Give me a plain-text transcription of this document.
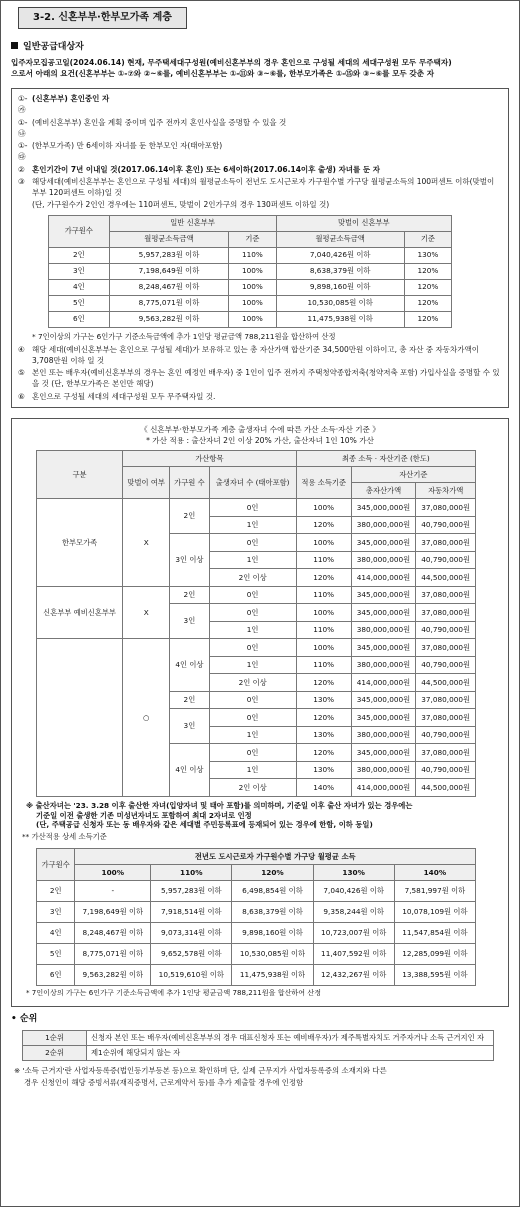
3-2. 신혼부부·한부모가족 계층
일반공급대상자
입주자모집공고일(2024.06.14) 현재, 무주택세대구성원(예비신혼부부의 경우 혼인으로 구성될 세대의 세대구성원 모두 무주택자)
으로서 아래의 요건(신혼부부는 ①-⑦와 ②~⑥를, 예비신혼부부는 ①-⑪와 ③~⑥를, 한부모가족은 ①-⑮와 ③~⑥를 모두 갖춘 자
①-㉮
(신혼부부) 혼인중인 자
①-㉯
(예비신혼부부) 혼인을 계획 중이며 입주 전까지 혼인사실을 증명할 수 있을 것
①-㉰
(한부모가족) 만 6세이하 자녀를 둔 한부모인 자(태아포함)
② 혼인기간이 7년 이내일 것(2017.06.14이후 혼인) 또는 6세이하(2017.06.14이후 출생) 자녀를 둔 자
③ 해당세대(예비신혼부부는 혼인으로 구성될 세대)의 월평균소득이 전년도 도시근로자 가구원수별 가구당 월평균소득의 100퍼센트 이하(맞벌이 부부 120퍼센트 이하)일 것
(단, 가구원수가 2인인 경우에는 110퍼센트, 맞벌이 2인가구의 경우 130퍼센트 이하일 것)
가구원수	일반 신혼부부		맞벌이 신혼부부	
	월평균소득금액	기준	월평균소득금액	기준
2인	5,957,283원 이하	110%	7,040,426원 이하	130%
3인	7,198,649원 이하	100%	8,638,379원 이하	120%
4인	8,248,467원 이하	100%	9,898,160원 이하	120%
5인	8,775,071원 이하	100%	10,530,085원 이하	120%
6인	9,563,282원 이하	100%	11,475,938원 이하	120%
* 7인이상의 가구는 6인가구 기준소득금액에 추가 1인당 평균금액 788,211원을 합산하여 산정
④ 해당 세대(예비신혼부부는 혼인으로 구성될 세대)가 보유하고 있는 총 자산가액 합산기준 34,500만원 이하이고, 총 자산 중 자동차가액이 3,708만원 이하 일 것
⑤ 본인 또는 배우자(예비신혼부부의 경우는 혼인 예정인 배우자) 중 1인이 입주 전까지 주택청약종합저축(청약저축 포함) 가입사실을 증명할 수 있을 것 (단, 한부모가족은 본인만 해당)
⑥ 혼인으로 구성될 세대의 세대구성원 모두 무주택자일 것.
《 신혼부부·한부모가족 계층 출생자녀 수에 따른 가산 소득·자산 기준 》
* 가산 적용 : 출산자녀 2인 이상 20% 가산, 출산자녀 1인 10% 가산
구분	가산항목			최종 소득 · 자산기준 (한도)		
	맞벌이 여부	가구원 수	출생자녀 수 (태아포함)	적용 소득기준	자산기준	
					총자산가액	자동차가액
한부모가족	X	2인	0인	100%	345,000,000원	37,080,000원
			1인	120%	380,000,000원	40,790,000원
		3인 이상	0인	100%	345,000,000원	37,080,000원
			1인	110%	380,000,000원	40,790,000원
			2인 이상	120%	414,000,000원	44,500,000원
신혼부부 예비신혼부부	X	2인	0인	110%	345,000,000원	37,080,000원
		3인	0인	100%	345,000,000원	37,080,000원
			1인	110%	380,000,000원	40,790,000원
	○	4인 이상	0인	100%	345,000,000원	37,080,000원
			1인	110%	380,000,000원	40,790,000원
			2인 이상	120%	414,000,000원	44,500,000원
		2인	0인	130%	345,000,000원	37,080,000원
		3인	0인	120%	345,000,000원	37,080,000원
			1인	130%	380,000,000원	40,790,000원
		4인 이상	0인	120%	345,000,000원	37,080,000원
			1인	130%	380,000,000원	40,790,000원
			2인 이상	140%	414,000,000원	44,500,000원
※ 출산자녀는 '23. 3.28 이후 출산한 자녀(입양자녀 및 태아 포함)를 의미하며, 기준일 이후 출산 자녀가 있는 경우에는
기준일 이전 출생한 기존 미성년자녀도 포함하여 최대 2자녀로 인정
(단, 주택공급 신청자 또는 동 배우자와 같은 세대별 주민등록표에 등재되어 있는 경우에 한함, 이하 동일)
** 가산적용 상세 소득기준
가구원수	전년도 도시근로자 가구원수별 가구당 월평균 소득				
	100%	110%	120%	130%	140%
2인	-	5,957,283원 이하	6,498,854원 이하	7,040,426원 이하	7,581,997원 이하
3인	7,198,649원 이하	7,918,514원 이하	8,638,379원 이하	9,358,244원 이하	10,078,109원 이하
4인	8,248,467원 이하	9,073,314원 이하	9,898,160원 이하	10,723,007원 이하	11,547,854원 이하
5인	8,775,071원 이하	9,652,578원 이하	10,530,085원 이하	11,407,592원 이하	12,285,099원 이하
6인	9,563,282원 이하	10,519,610원 이하	11,475,938원 이하	12,432,267원 이하	13,388,595원 이하
* 7인이상의 가구는 6인가구 기준소득금액에 추가 1인당 평균금액 788,211원을 합산하여 산정
• 순위
1순위	신청자 본인 또는 배우자(예비신혼부부의 경우 대표신청자 또는 예비배우자)가 제주특별자치도 거주자거나 소득 근거지인 자
2순위	제1순위에 해당되지 않는 자
※ '소득 근거지'란 사업자등록증(법인등기부등본 등)으로 확인하며 단, 실제 근무지가 사업자등록증의 소재지와 다른
경우 신청인이 해당 증빙서류(재직증명서, 근로계약서 등)를 추가 제출할 경우에 인정함
